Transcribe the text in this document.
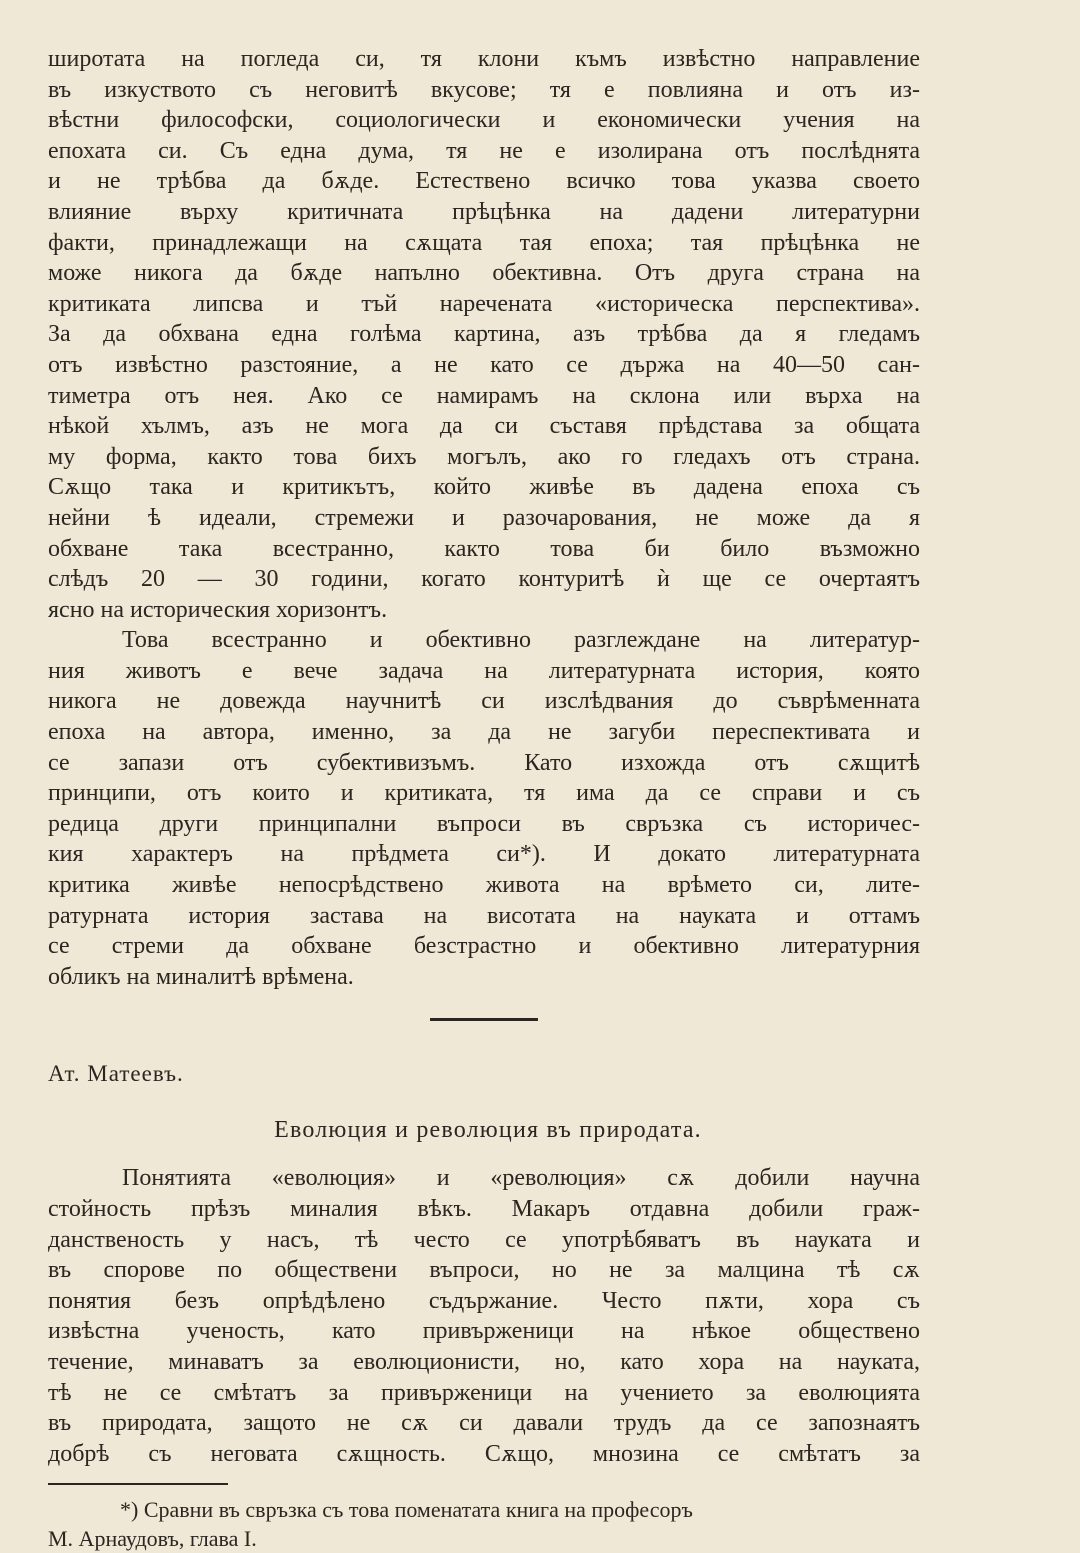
широтата на погледа си, тя клони къмъ извѣстно направление
въ изкуството съ неговитѣ вкусове; тя е повлияна и отъ из-
вѣстни философски, социологически и економически учения на
епохата си. Съ една дума, тя не е изолирана отъ послѣднята
и не трѣбва да бѫде. Естествено всичко това указва своето
влияние върху критичната прѣцѣнка на дадени литературни
факти, принадлежащи на сѫщата тая епоха; тая прѣцѣнка не
може никога да бѫде напълно обективна. Отъ друга страна на
критиката липсва и тъй наречената «историческа перспектива».
За да обхвана една голѣма картина, азъ трѣбва да я гледамъ
отъ извѣстно разстояние, а не като се държа на 40—50 сан-
тиметра отъ нея. Ако се намирамъ на склона или върха на
нѣкой хълмъ, азъ не мога да си съставя прѣдстава за общата
му форма, както това бихъ могълъ, ако го гледахъ отъ страна.
Сѫщо така и критикътъ, който живѣе въ дадена епоха съ
нейни ѣ идеали, стремежи и разочарования, не може да я
обхване така всестранно, както това би било възможно
слѣдъ 20 — 30 години, когато контуритѣ ѝ ще се очертаятъ
ясно на историческия хоризонтъ.
Това всестранно и обективно разглеждане на литератур-
ния животъ е вече задача на литературната история, която
никога не довежда научнитѣ си изслѣдвания до съврѣменната
епоха на автора, именно, за да не загуби переспективата и
се запази отъ субективизъмъ. Като изхожда отъ сѫщитѣ
принципи, отъ които и критиката, тя има да се справи и съ
редица други принципални въпроси въ свръзка съ историчес-
кия характеръ на прѣдмета си*). И докато литературната
критика живѣе непосрѣдствено живота на врѣмето си, лите-
ратурната история застава на висотата на науката и оттамъ
се стреми да обхване безстрастно и обективно литературния
обликъ на миналитѣ врѣмена.
Ат. Матеевъ.
Еволюция и революция въ природата.
Понятията «еволюция» и «революция» сѫ добили научна
стойность прѣзъ миналия вѣкъ. Макаръ отдавна добили граж-
данственость у насъ, тѣ често се употрѣбяватъ въ науката и
въ спорове по обществени въпроси, но не за малцина тѣ сѫ
понятия безъ опрѣдѣлено съдържание. Често пѫти, хора съ
извѣстна ученость, като привърженици на нѣкое обществено
течение, минаватъ за еволюционисти, но, като хора на науката,
тѣ не се смѣтатъ за привърженици на учението за еволюцията
въ природата, защото не сѫ си давали трудъ да се запознаятъ
добрѣ съ неговата сѫщность. Сѫщо, мнозина се смѣтатъ за
*) Сравни въ свръзка съ това поменатата книга на професоръ
М. Арнаудовъ, глава I.
